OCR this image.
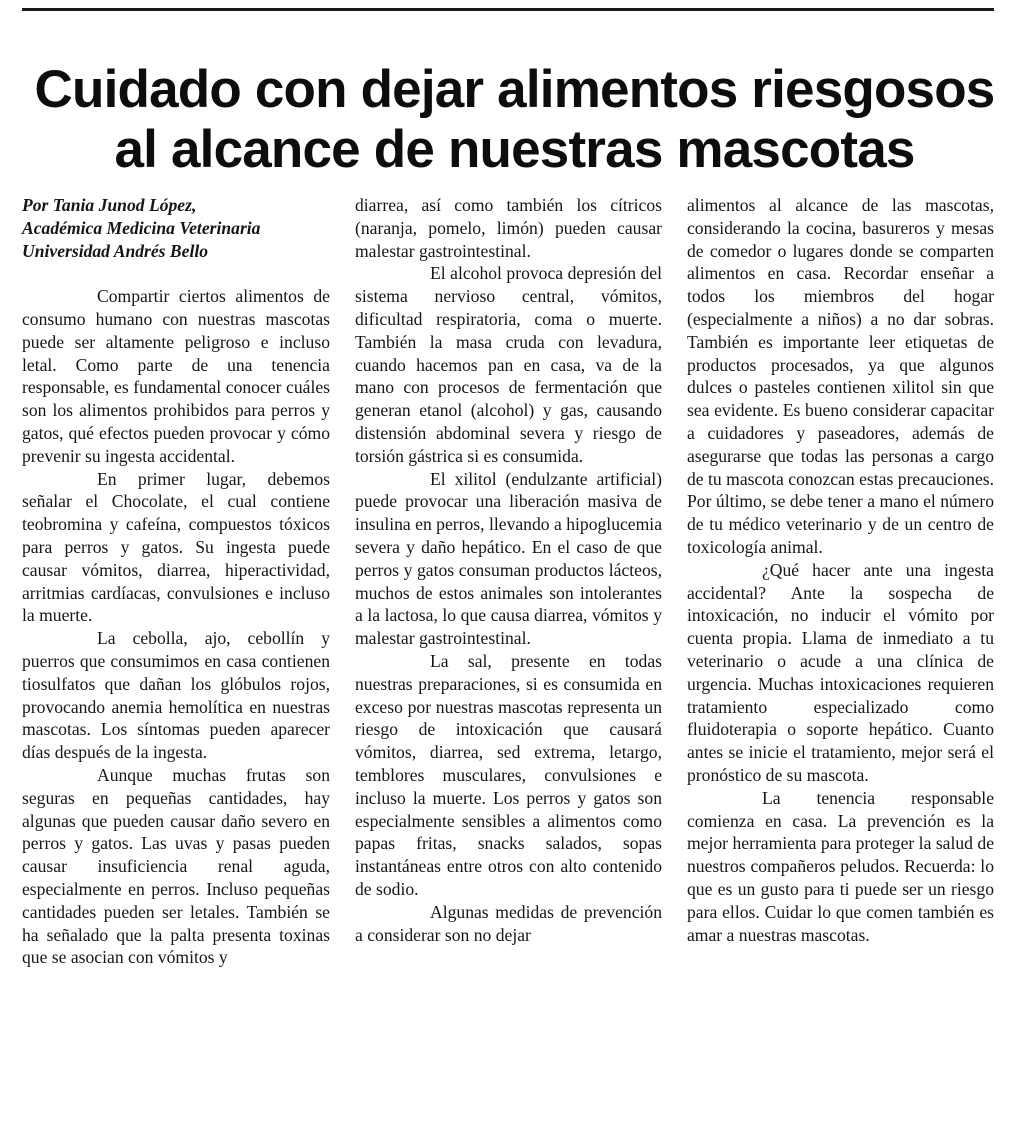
Cuidado con dejar alimentos riesgosos
al alcance de nuestras mascotas

Por Tania Junod López,
Académica Medicina Veterinaria
Universidad Andrés Bello

Compartir ciertos alimentos de consumo humano con nuestras mascotas puede ser altamente peligroso e incluso letal. Como parte de una tenencia responsable, es fundamental conocer cuáles son los alimentos prohibidos para perros y gatos, qué efectos pueden provocar y cómo prevenir su ingesta accidental.

En primer lugar, debemos señalar el Chocolate, el cual contiene teobromina y cafeína, compuestos tóxicos para perros y gatos. Su ingesta puede causar vómitos, diarrea, hiperactividad, arritmias cardíacas, convulsiones e incluso la muerte.

La cebolla, ajo, cebollín y puerros que consumimos en casa contienen tiosulfatos que dañan los glóbulos rojos, provocando anemia hemolítica en nuestras mascotas. Los síntomas pueden aparecer días después de la ingesta.

Aunque muchas frutas son seguras en pequeñas cantidades, hay algunas que pueden causar daño severo en perros y gatos. Las uvas y pasas pueden causar insuficiencia renal aguda, especialmente en perros. Incluso pequeñas cantidades pueden ser letales. También se ha señalado que la palta presenta toxinas que se asocian con vómitos y

diarrea, así como también los cítricos (naranja, pomelo, limón) pueden causar malestar gastrointestinal.

El alcohol provoca depresión del sistema nervioso central, vómitos, dificultad respiratoria, coma o muerte. También la masa cruda con levadura, cuando hacemos pan en casa, va de la mano con procesos de fermentación que generan etanol (alcohol) y gas, causando distensión abdominal severa y riesgo de torsión gástrica si es consumida.

El xilitol (endulzante artificial) puede provocar una liberación masiva de insulina en perros, llevando a hipoglucemia severa y daño hepático. En el caso de que perros y gatos consuman productos lácteos, muchos de estos animales son intolerantes a la lactosa, lo que causa diarrea, vómitos y malestar gastrointestinal.

La sal, presente en todas nuestras preparaciones, si es consumida en exceso por nuestras mascotas representa un riesgo de intoxicación que causará vómitos, diarrea, sed extrema, letargo, temblores musculares, convulsiones e incluso la muerte. Los perros y gatos son especialmente sensibles a alimentos como papas fritas, snacks salados, sopas instantáneas entre otros con alto contenido de sodio.

Algunas medidas de prevención a considerar son no dejar

alimentos al alcance de las mascotas, considerando la cocina, basureros y mesas de comedor o lugares donde se comparten alimentos en casa. Recordar enseñar a todos los miembros del hogar (especialmente a niños) a no dar sobras. También es importante leer etiquetas de productos procesados, ya que algunos dulces o pasteles contienen xilitol sin que sea evidente. Es bueno considerar capacitar a cuidadores y paseadores, además de asegurarse que todas las personas a cargo de tu mascota conozcan estas precauciones. Por último, se debe tener a mano el número de tu médico veterinario y de un centro de toxicología animal.

¿Qué hacer ante una ingesta accidental? Ante la sospecha de intoxicación, no inducir el vómito por cuenta propia. Llama de inmediato a tu veterinario o acude a una clínica de urgencia. Muchas intoxicaciones requieren tratamiento especializado como fluidoterapia o soporte hepático. Cuanto antes se inicie el tratamiento, mejor será el pronóstico de su mascota.

La tenencia responsable comienza en casa. La prevención es la mejor herramienta para proteger la salud de nuestros compañeros peludos. Recuerda: lo que es un gusto para ti puede ser un riesgo para ellos. Cuidar lo que comen también es amar a nuestras mascotas.
